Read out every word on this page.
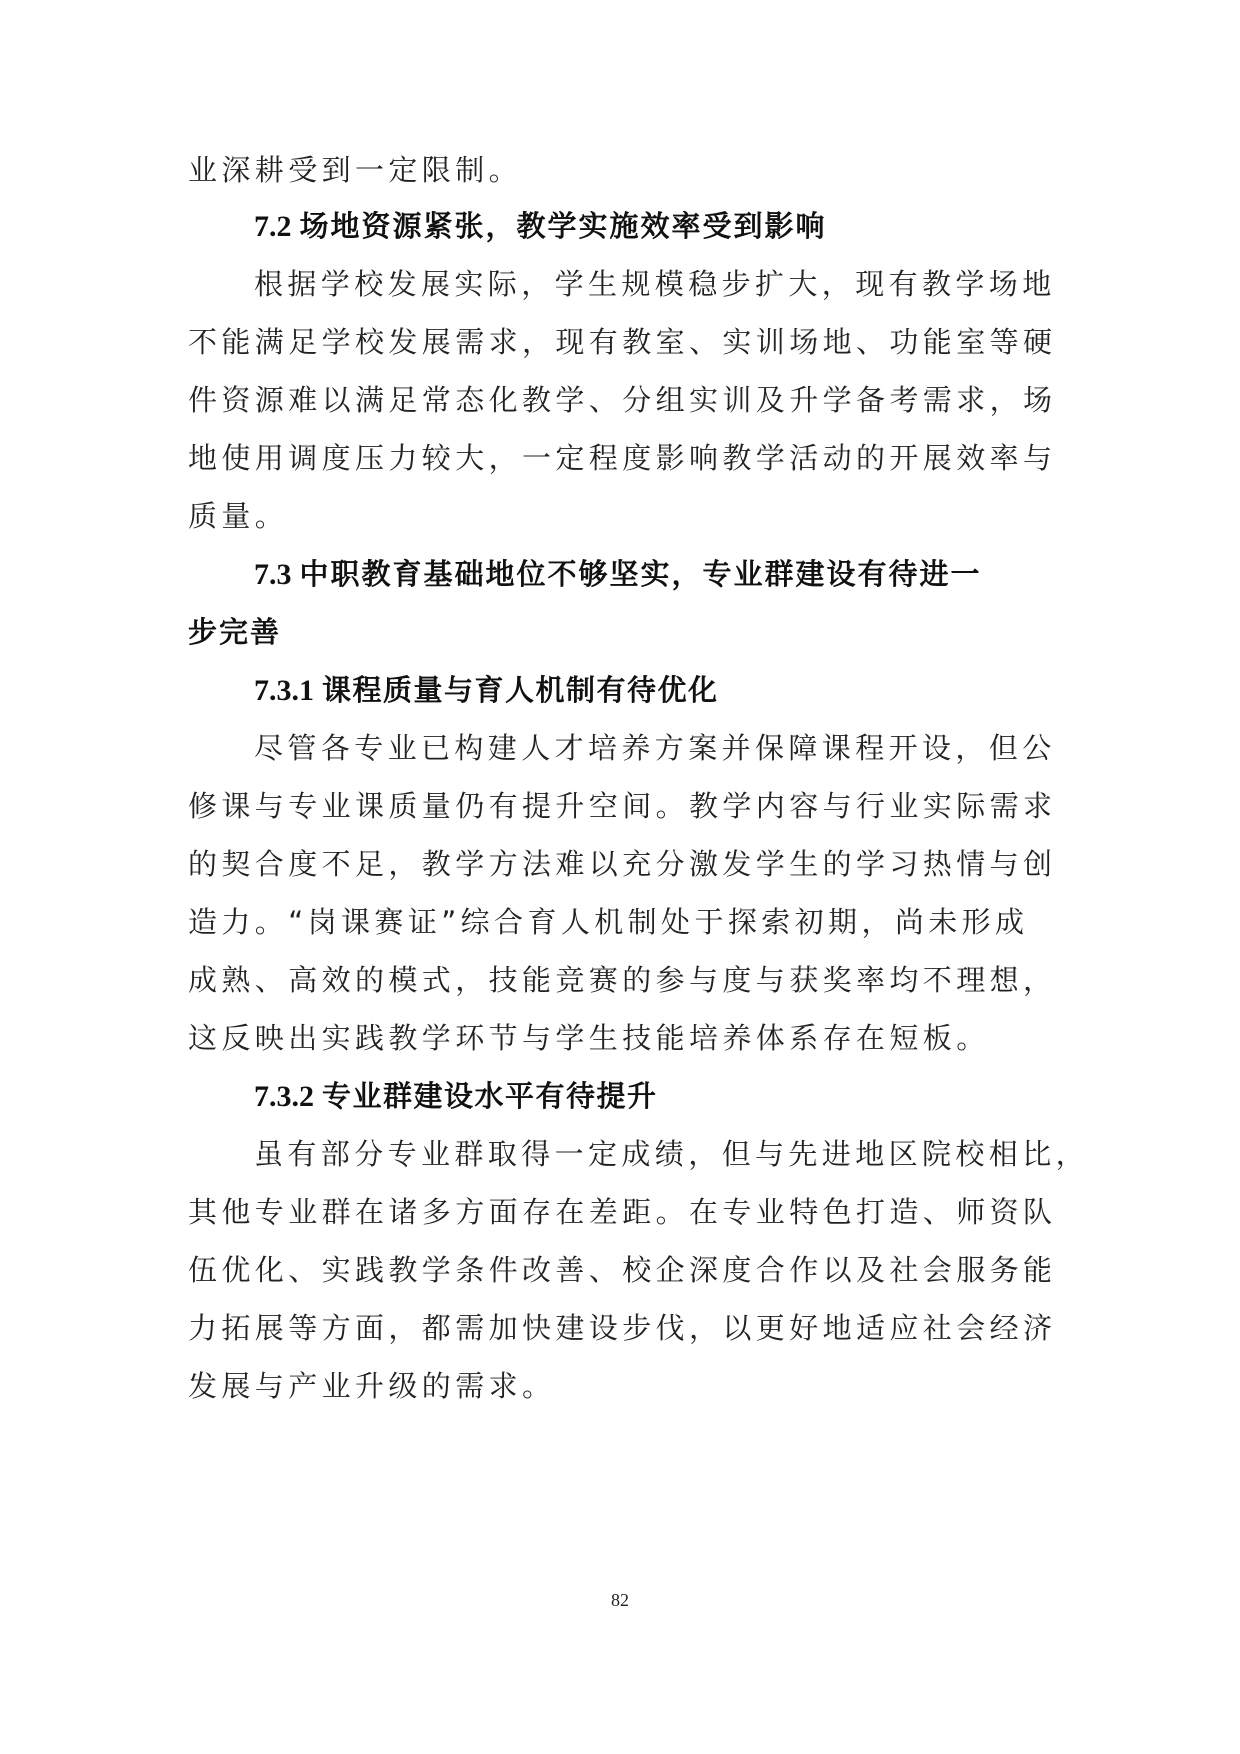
业深耕受到一定限制。
7.2 场地资源紧张，教学实施效率受到影响
根据学校发展实际，学生规模稳步扩大，现有教学场地
不能满足学校发展需求，现有教室、实训场地、功能室等硬
件资源难以满足常态化教学、分组实训及升学备考需求，场
地使用调度压力较大，一定程度影响教学活动的开展效率与
质量。
7.3 中职教育基础地位不够坚实，专业群建设有待进一
步完善
7.3.1 课程质量与育人机制有待优化
尽管各专业已构建人才培养方案并保障课程开设，但公
修课与专业课质量仍有提升空间。教学内容与行业实际需求
的契合度不足，教学方法难以充分激发学生的学习热情与创
造力。“岗课赛证”综合育人机制处于探索初期，尚未形成
成熟、高效的模式，技能竞赛的参与度与获奖率均不理想，
这反映出实践教学环节与学生技能培养体系存在短板。
7.3.2 专业群建设水平有待提升
虽有部分专业群取得一定成绩，但与先进地区院校相比，
其他专业群在诸多方面存在差距。在专业特色打造、师资队
伍优化、实践教学条件改善、校企深度合作以及社会服务能
力拓展等方面，都需加快建设步伐，以更好地适应社会经济
发展与产业升级的需求。
82
